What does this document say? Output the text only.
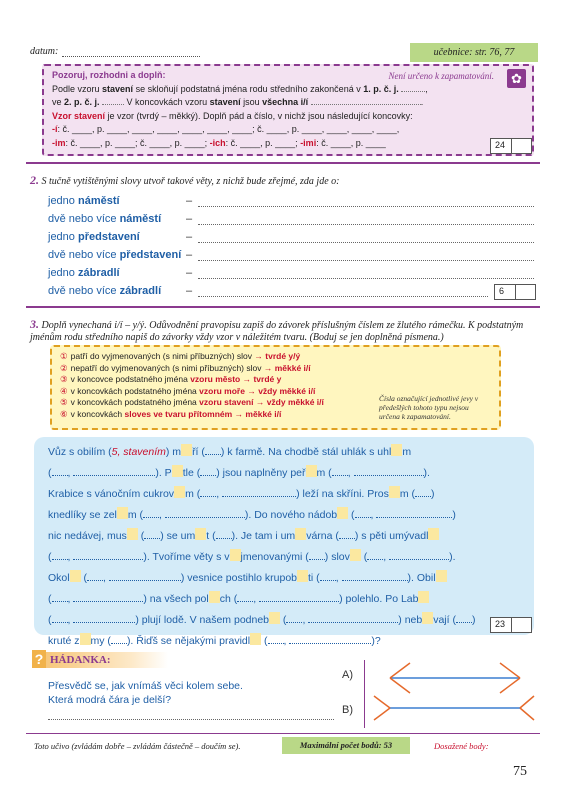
datum:	učebnice: str. 76, 77
Není určeno k zapamatování.	✿
Pozoruj, rozhodni a doplň:
Podle vzoru stavení se skloňují podstatná jména rodu středního zakončená v 1. p. č. j.	,
ve 2. p. č. j.	V koncovkách vzoru stavení jsou všechna i/í	.
Vzor stavení je vzor (tvrdý – měkký). Doplň pád a číslo, v nichž jsou následující koncovky:
-í: č. ____, p. ____, ____, ____, ____, ____, ____; č. ____, p. ____, ____, ____, ____,
-im: č. ____, p. ____; č. ____, p. ____; -ich: č. ____, p. ____; -imi: č. ____, p. ____	24
2. S tučně vytištěnými slovy utvoř takové věty, z nichž bude zřejmé, zda jde o:
jedno náměstí	–
dvě nebo více náměstí –
jedno představení	–
dvě nebo více představení –
jedno zábradlí	–
dvě nebo více zábradlí –	6
3. Doplň vynechaná i/í – y/ý. Odůvodnění pravopisu zapiš do závorek příslušným číslem ze žlutého rámečku. K podstatným jménům rodu středního napiš do závorky vždy vzor v náležitém tvaru. (Boduj se jen doplněná písmena.)
① patří do vyjmenovaných (s nimi příbuzných) slov → tvrdé y/ý
② nepatří do vyjmenovaných (s nimi příbuzných) slov → měkké i/í
③ v koncovce podstatného jména vzoru město → tvrdé y
④ v koncovkách podstatného jména vzoru moře → vždy měkké i/í
⑤ v koncovkách podstatného jména vzoru stavení → vždy měkké i/í
⑥ v koncovkách sloves ve tvaru přítomném → měkké i/í
Čísla označující jednotlivé jevy v předešlých tohoto typu nejsou určena k zapamatování.
Vůz s obilím (5, stavením) m ří ( ) k farmě. Na chodbě stál uhlák s uhl m
( ,	). P tle ( ) jsou naplněny peř m ( ,	).
Krabice s vánočním cukrov m ( ,	) leží na skříni. Pros m ( )
knedlíky se zel m ( ,	). Do nového nádob ( ,	)
nic nedávej, mus ( ) se um t ( ). Je tam i um várna ( ) s pěti umývadl
( ,	). Tvoříme věty s v jmenovanými ( ) slov ( ,	).
Okol ( ,	) vesnice postihlo krupob ti ( ,	). Obil
( ,	) na všech pol ch ( ,	) polehlo. Po Lab
( ,	) plují lodě. V našem podneb ( ,	) neb vají ( )
kruté z my ( ). Řiďš se nějakými pravidl ( ,	)?
23
? HÁDANKA:
Přesvědč se, jak vnímáš věci kolem sebe.
Která modrá čára je delší?
A)
B)
Toto učivo (zvládám dobře – zvládám částečně – doučím se).	Maximální počet bodů: 53	Dosažené body:
75
